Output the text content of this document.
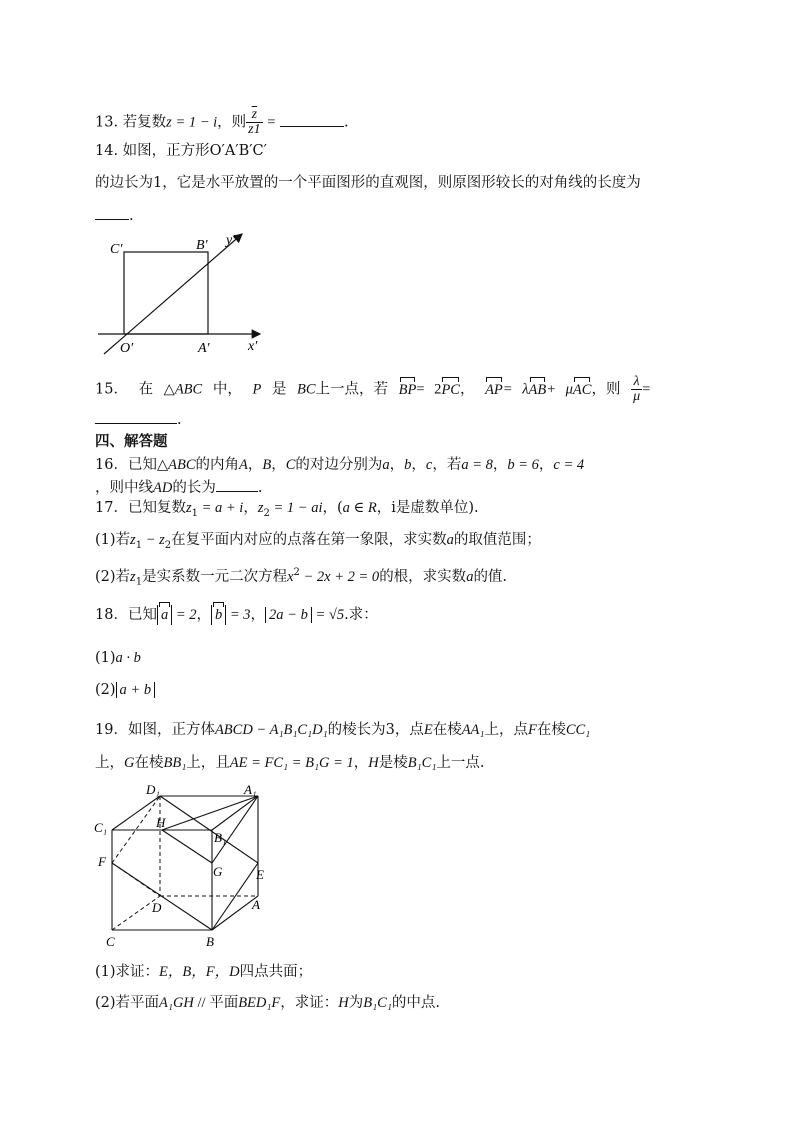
13. 若复数z = 1 − i，则 $\frac{\overline{z}}{z1}$ =	.
14. 如图，正方形O′A′B′C′
的边长为1，它是水平放置的一个平面图形的直观图，则原图形较长的对角线的长度为
.
C′	B′ y′
O′	A′	x′
15． 在 △ABC 中， P 是 BC上一点，若 BP= 2PC， AP= λAB+ μAC，则 $\frac{\lambda}{\mu}$ =
.
四、解答题
16．已知△ABC的内角A，B，C的对边分别为a，b，c，若a = 8，b = 6，c = 4
，则中线AD的长为	.
17．已知复数$z_1 = a + i$，$z_2 = 1$ − ai，(a ∈ R，i是虚数单位).
(1)若$z_1 - z_2$在复平面内对应的点落在第一象限，求实数a的取值范围；
(2)若$z_1$是实系数一元二次方程$x^2 - 2x + 2 = 0$的根，求实数a的值.
18．已知 a = 2， b = 3， 2a − b = √5.求：
(1)a · b
(2) a + b
19．如图，正方体ABCD − A₁B₁C₁D₁的棱长为3，点E在棱AA₁上，点F在棱CC₁
上，G在棱BB₁上，且AE = FC₁ = B₁G = 1，H是棱B₁C₁上一点.
D₁	A₁
C₁	H
B₁
F
G	E
D	A
C	B
(1)求证：E，B，F，D四点共面；
(2)若平面A₁GH // 平面BED₁F，求证：H为B₁C₁的中点.
